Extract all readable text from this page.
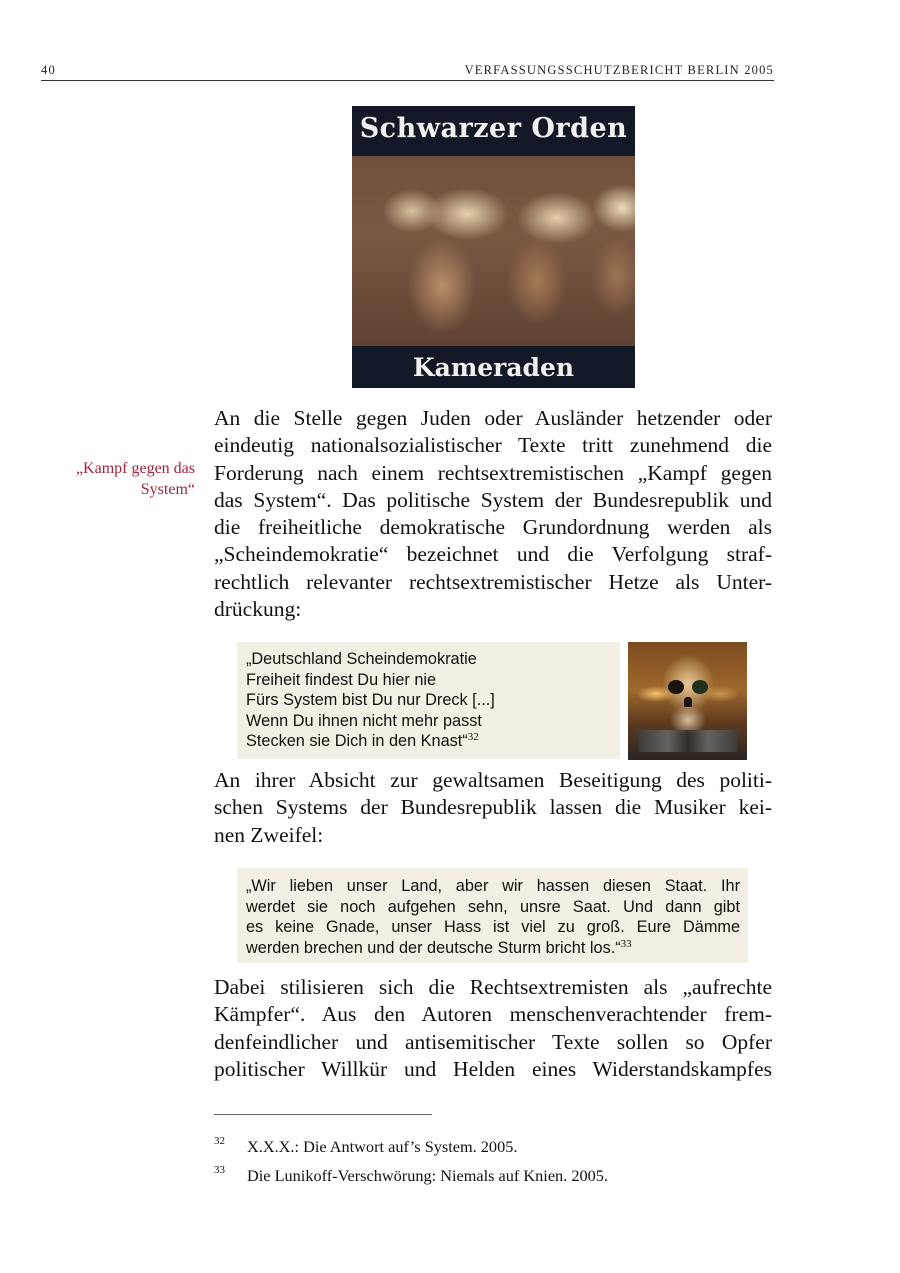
40	VERFASSUNGSSCHUTZBERICHT BERLIN 2005
Schwarzer Orden
Kameraden
„Kampf gegen das
System“
An die Stelle gegen Juden oder Ausländer hetzender oder
eindeutig nationalsozialistischer Texte tritt zunehmend die
Forderung nach einem rechtsextremistischen „Kampf gegen
das System“. Das politische System der Bundesrepublik und
die freiheitliche demokratische Grundordnung werden als
„Scheindemokratie“ bezeichnet und die Verfolgung straf-
rechtlich relevanter rechtsextremistischer Hetze als Unter-
drückung:
„Deutschland Scheindemokratie
Freiheit findest Du hier nie
Fürs System bist Du nur Dreck [...]
Wenn Du ihnen nicht mehr passt
Stecken sie Dich in den Knast“$^{32}$
An ihrer Absicht zur gewaltsamen Beseitigung des politi-
schen Systems der Bundesrepublik lassen die Musiker kei-
nen Zweifel:
„Wir lieben unser Land, aber wir hassen diesen Staat. Ihr
werdet sie noch aufgehen sehn, unsre Saat. Und dann gibt
es keine Gnade, unser Hass ist viel zu groß. Eure Dämme
werden brechen und der deutsche Sturm bricht los.“$^{33}$
Dabei stilisieren sich die Rechtsextremisten als „aufrechte
Kämpfer“. Aus den Autoren menschenverachtender frem-
denfeindlicher und antisemitischer Texte sollen so Opfer
politischer Willkür und Helden eines Widerstandskampfes
32 X.X.X.: Die Antwort auf’s System. 2005.
33 Die Lunikoff-Verschwörung: Niemals auf Knien. 2005.
